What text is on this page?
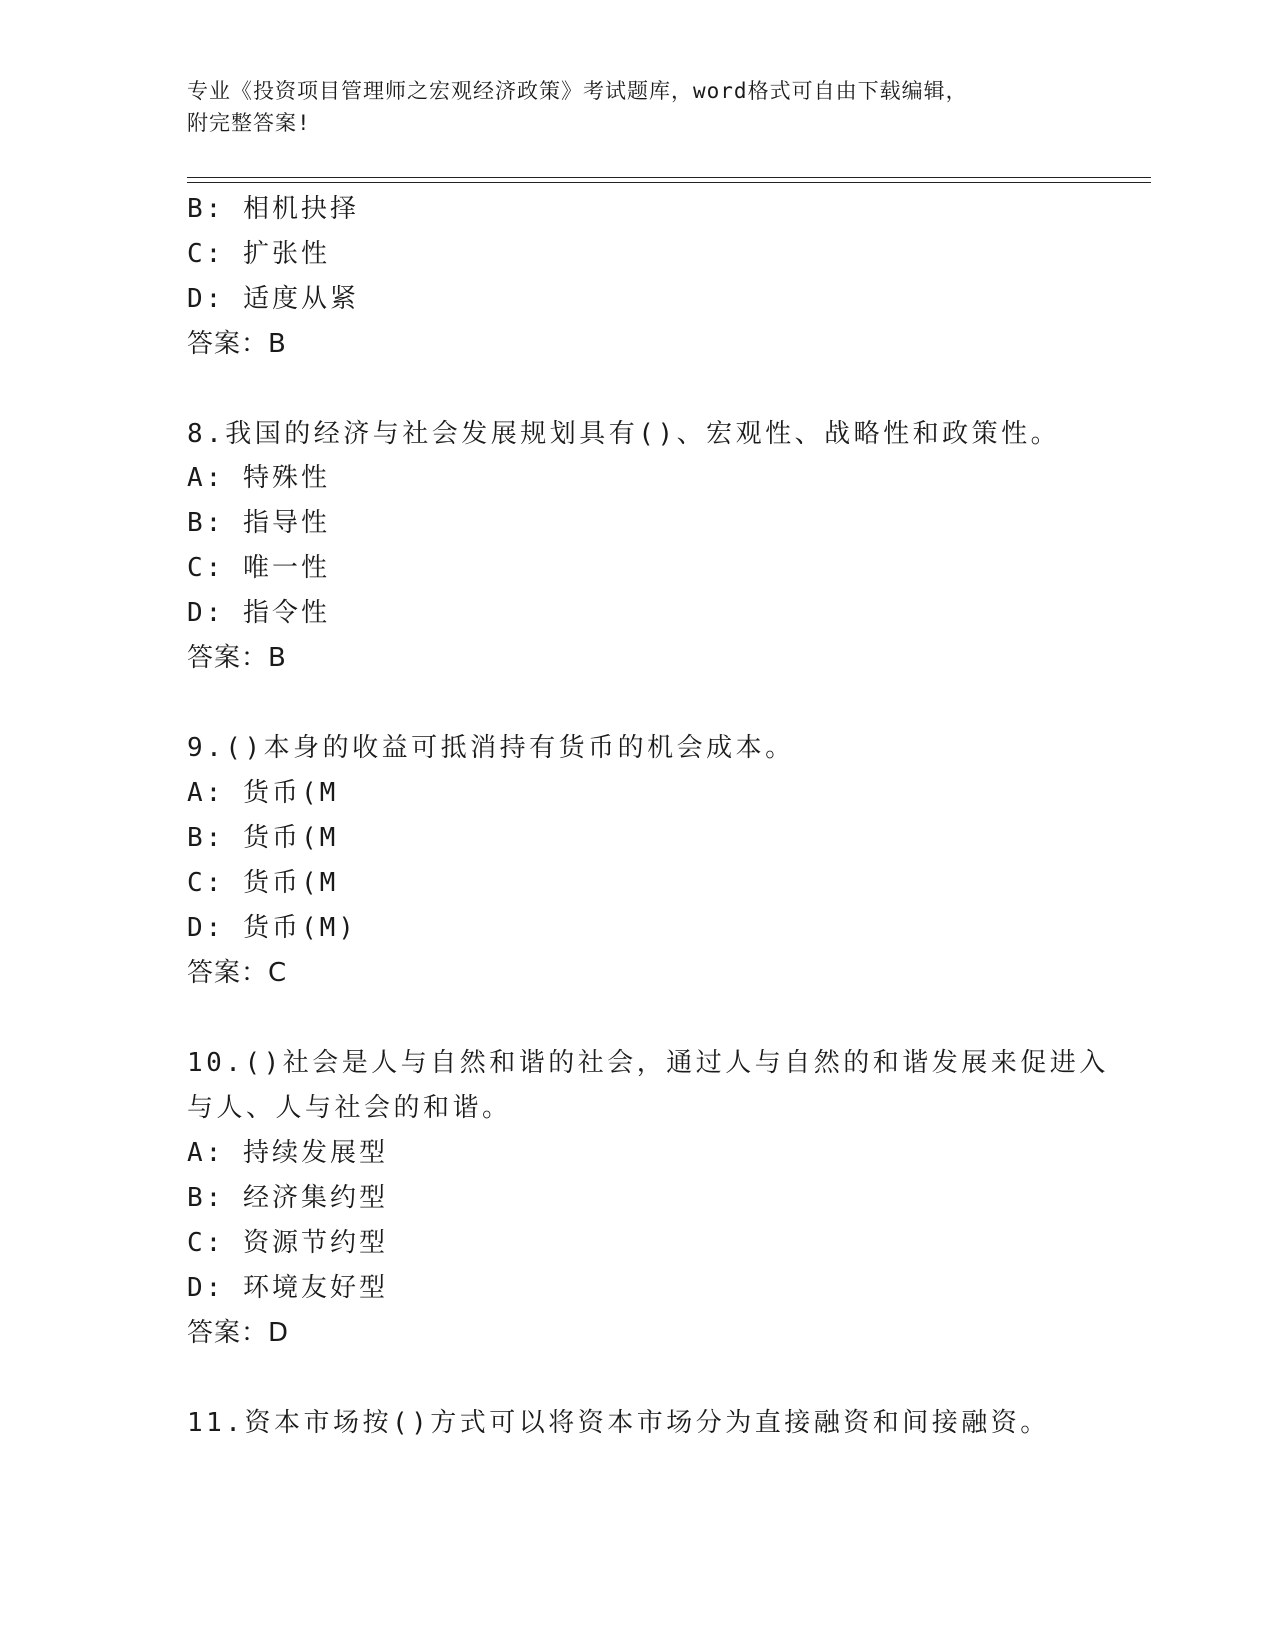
专业《投资项目管理师之宏观经济政策》考试题库，word格式可自由下载编辑，
附完整答案!
B: 相机抉择
C: 扩张性
D: 适度从紧
答案：B
8.我国的经济与社会发展规划具有()、宏观性、战略性和政策性。
A: 特殊性
B: 指导性
C: 唯一性
D: 指令性
答案：B
9.()本身的收益可抵消持有货币的机会成本。
A: 货币(M
B: 货币(M
C: 货币(M
D: 货币(M)
答案：C
10.()社会是人与自然和谐的社会，通过人与自然的和谐发展来促进入
与人、人与社会的和谐。
A: 持续发展型
B: 经济集约型
C: 资源节约型
D: 环境友好型
答案：D
11.资本市场按()方式可以将资本市场分为直接融资和间接融资。
